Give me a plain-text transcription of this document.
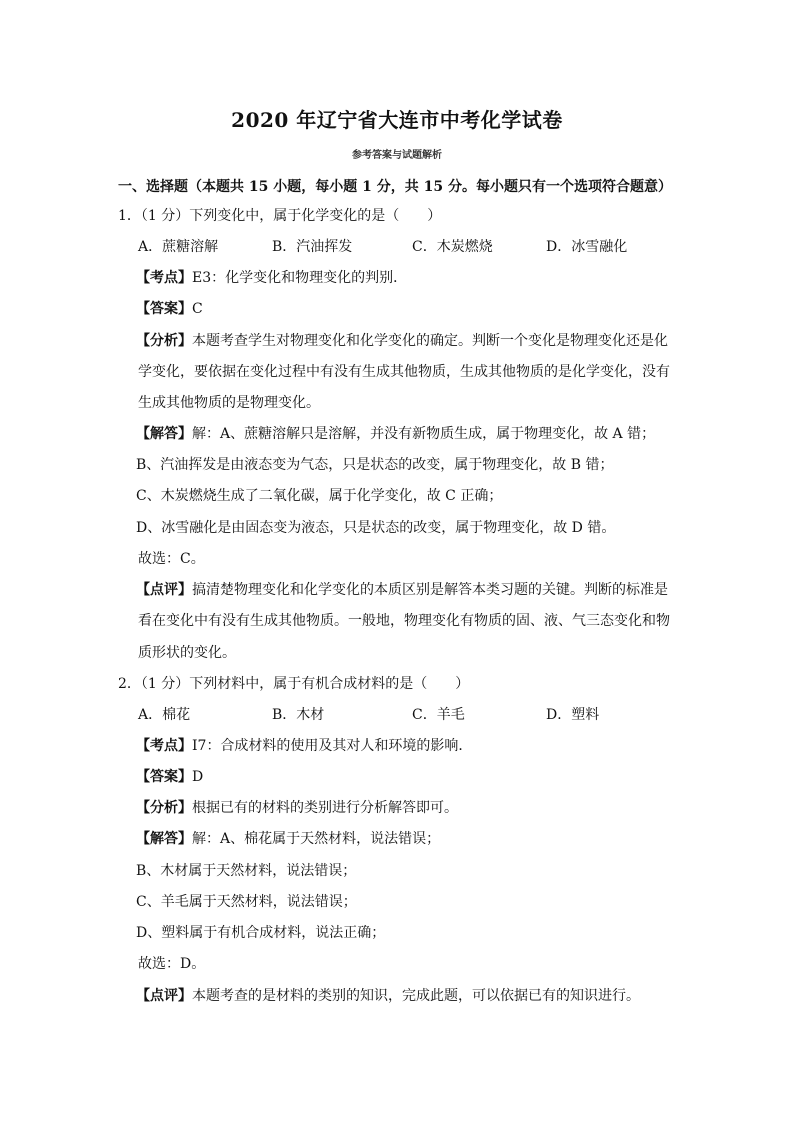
2020 年辽宁省大连市中考化学试卷
参考答案与试题解析
一、选择题（本题共 15 小题，每小题 1 分，共 15 分。每小题只有一个选项符合题意）
1．（1 分）下列变化中，属于化学变化的是（　　）
A．蔗糖溶解	B．汽油挥发	C．木炭燃烧	D．冰雪融化
【考点】E3：化学变化和物理变化的判别．
【答案】C
【分析】本题考查学生对物理变化和化学变化的确定。判断一个变化是物理变化还是化
学变化，要依据在变化过程中有没有生成其他物质，生成其他物质的是化学变化，没有
生成其他物质的是物理变化。
【解答】解：A、蔗糖溶解只是溶解，并没有新物质生成，属于物理变化，故 A 错；
B、汽油挥发是由液态变为气态，只是状态的改变，属于物理变化，故 B 错；
C、木炭燃烧生成了二氧化碳，属于化学变化，故 C 正确；
D、冰雪融化是由固态变为液态，只是状态的改变，属于物理变化，故 D 错。
故选：C。
【点评】搞清楚物理变化和化学变化的本质区别是解答本类习题的关键。判断的标准是
看在变化中有没有生成其他物质。一般地，物理变化有物质的固、液、气三态变化和物
质形状的变化。
2．（1 分）下列材料中，属于有机合成材料的是（　　）
A．棉花	B．木材	C．羊毛	D．塑料
【考点】I7：合成材料的使用及其对人和环境的影响．
【答案】D
【分析】根据已有的材料的类别进行分析解答即可。
【解答】解：A、棉花属于天然材料，说法错误；
B、木材属于天然材料，说法错误；
C、羊毛属于天然材料，说法错误；
D、塑料属于有机合成材料，说法正确；
故选：D。
【点评】本题考查的是材料的类别的知识，完成此题，可以依据已有的知识进行。
